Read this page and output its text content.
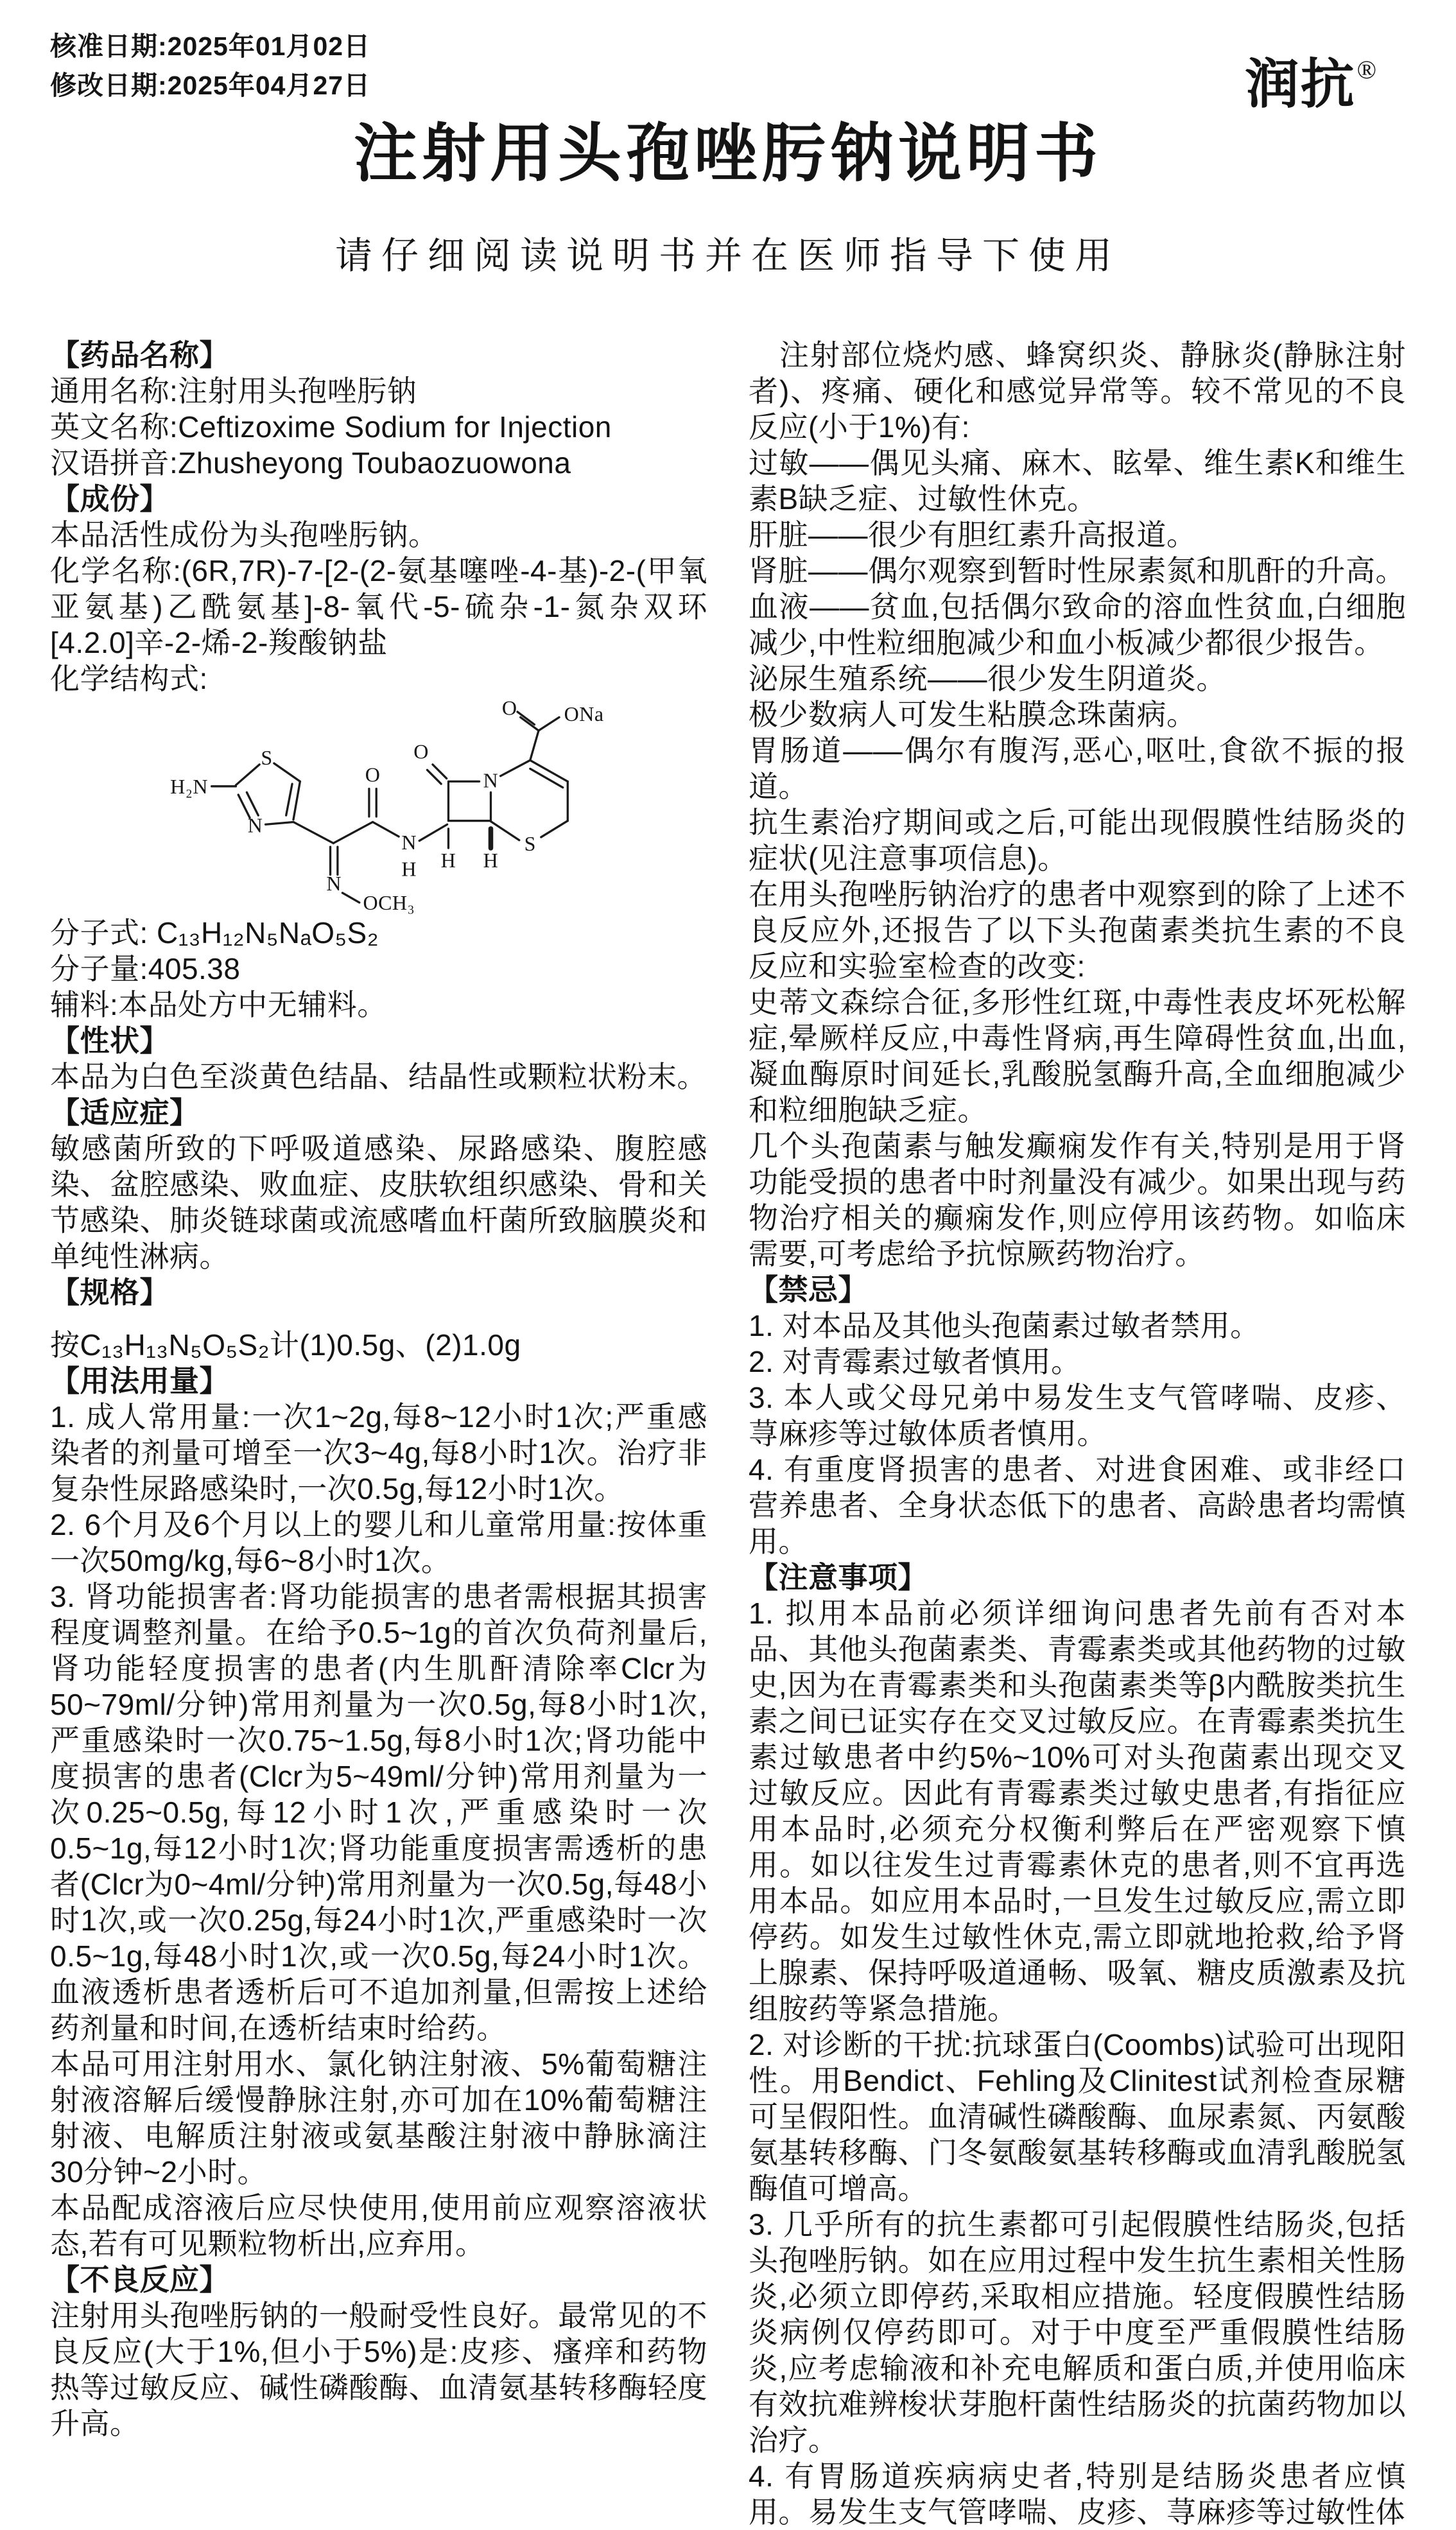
核准日期:2025年01月02日
修改日期:2025年04月27日	润抗®
注射用头孢唑肟钠说明书
请仔细阅读说明书并在医师指导下使用
【药品名称】
通用名称:注射用头孢唑肟钠
英文名称:Ceftizoxime Sodium for Injection
汉语拼音:Zhusheyong Toubaozuowona
【成份】
本品活性成份为头孢唑肟钠。
化学名称:(6R,7R)-7-[2-(2-氨基噻唑-4-基)-2-(甲氧亚氨基)乙酰氨基]-8-氧代-5-硫杂-1-氮杂双环[4.2.0]辛-2-烯-2-羧酸钠盐
化学结构式:
H₂N
S
N
N
OCH₃
O
N
H
O
N
S
O ONa
H H
分子式: C₁₃H₁₂N₅NₐO₅S₂
分子量:405.38
辅料:本品处方中无辅料。
【性状】
本品为白色至淡黄色结晶、结晶性或颗粒状粉末。
【适应症】
敏感菌所致的下呼吸道感染、尿路感染、腹腔感染、盆腔感染、败血症、皮肤软组织感染、骨和关节感染、肺炎链球菌或流感嗜血杆菌所致脑膜炎和单纯性淋病。
【规格】
按C₁₃H₁₃N₅O₅S₂计(1)0.5g、(2)1.0g
【用法用量】
1. 成人常用量:一次1~2g,每8~12小时1次;严重感染者的剂量可增至一次3~4g,每8小时1次。治疗非复杂性尿路感染时,一次0.5g,每12小时1次。
2. 6个月及6个月以上的婴儿和儿童常用量:按体重一次50mg/kg,每6~8小时1次。
3. 肾功能损害者:肾功能损害的患者需根据其损害程度调整剂量。在给予0.5~1g的首次负荷剂量后,肾功能轻度损害的患者(内生肌酐清除率Clcr为50~79ml/分钟)常用剂量为一次0.5g,每8小时1次,严重感染时一次0.75~1.5g,每8小时1次;肾功能中度损害的患者(Clcr为5~49ml/分钟)常用剂量为一次0.25~0.5g,每12小时1次,严重感染时一次0.5~1g,每12小时1次;肾功能重度损害需透析的患者(Clcr为0~4ml/分钟)常用剂量为一次0.5g,每48小时1次,或一次0.25g,每24小时1次,严重感染时一次0.5~1g,每48小时1次,或一次0.5g,每24小时1次。血液透析患者透析后可不追加剂量,但需按上述给药剂量和时间,在透析结束时给药。
本品可用注射用水、氯化钠注射液、5%葡萄糖注射液溶解后缓慢静脉注射,亦可加在10%葡萄糖注射液、电解质注射液或氨基酸注射液中静脉滴注30分钟~2小时。
本品配成溶液后应尽快使用,使用前应观察溶液状态,若有可见颗粒物析出,应弃用。
【不良反应】
注射用头孢唑肟钠的一般耐受性良好。最常见的不良反应(大于1%,但小于5%)是:皮疹、瘙痒和药物热等过敏反应、碱性磷酸酶、血清氨基转移酶轻度升高。
　注射部位烧灼感、蜂窝织炎、静脉炎(静脉注射者)、疼痛、硬化和感觉异常等。较不常见的不良反应(小于1%)有:
过敏——偶见头痛、麻木、眩晕、维生素K和维生素B缺乏症、过敏性休克。
肝脏——很少有胆红素升高报道。
肾脏——偶尔观察到暂时性尿素氮和肌酐的升高。
血液——贫血,包括偶尔致命的溶血性贫血,白细胞减少,中性粒细胞减少和血小板减少都很少报告。
泌尿生殖系统——很少发生阴道炎。
极少数病人可发生粘膜念珠菌病。
胃肠道——偶尔有腹泻,恶心,呕吐,食欲不振的报道。
抗生素治疗期间或之后,可能出现假膜性结肠炎的症状(见注意事项信息)。
在用头孢唑肟钠治疗的患者中观察到的除了上述不良反应外,还报告了以下头孢菌素类抗生素的不良反应和实验室检查的改变:
史蒂文森综合征,多形性红斑,中毒性表皮坏死松解症,晕厥样反应,中毒性肾病,再生障碍性贫血,出血,凝血酶原时间延长,乳酸脱氢酶升高,全血细胞减少和粒细胞缺乏症。
几个头孢菌素与触发癫痫发作有关,特别是用于肾功能受损的患者中时剂量没有减少。如果出现与药物治疗相关的癫痫发作,则应停用该药物。如临床需要,可考虑给予抗惊厥药物治疗。
【禁忌】
1. 对本品及其他头孢菌素过敏者禁用。
2. 对青霉素过敏者慎用。
3. 本人或父母兄弟中易发生支气管哮喘、皮疹、荨麻疹等过敏体质者慎用。
4. 有重度肾损害的患者、对进食困难、或非经口营养患者、全身状态低下的患者、高龄患者均需慎用。
【注意事项】
1. 拟用本品前必须详细询问患者先前有否对本品、其他头孢菌素类、青霉素类或其他药物的过敏史,因为在青霉素类和头孢菌素类等β内酰胺类抗生素之间已证实存在交叉过敏反应。在青霉素类抗生素过敏患者中约5%~10%可对头孢菌素出现交叉过敏反应。因此有青霉素类过敏史患者,有指征应用本品时,必须充分权衡利弊后在严密观察下慎用。如以往发生过青霉素休克的患者,则不宜再选用本品。如应用本品时,一旦发生过敏反应,需立即停药。如发生过敏性休克,需立即就地抢救,给予肾上腺素、保持呼吸道通畅、吸氧、糖皮质激素及抗组胺药等紧急措施。
2. 对诊断的干扰:抗球蛋白(Coombs)试验可出现阳性。用Bendict、Fehling及Clinitest试剂检查尿糖可呈假阳性。血清碱性磷酸酶、血尿素氮、丙氨酸氨基转移酶、门冬氨酸氨基转移酶或血清乳酸脱氢酶值可增高。
3. 几乎所有的抗生素都可引起假膜性结肠炎,包括头孢唑肟钠。如在应用过程中发生抗生素相关性肠炎,必须立即停药,采取相应措施。轻度假膜性结肠炎病例仅停药即可。对于中度至严重假膜性结肠炎,应考虑输液和补充电解质和蛋白质,并使用临床有效抗难辨梭状芽胞杆菌性结肠炎的抗菌药物加以治疗。
4. 有胃肠道疾病病史者,特别是结肠炎患者应慎用。易发生支气管哮喘、皮疹、荨麻疹等过敏性体
